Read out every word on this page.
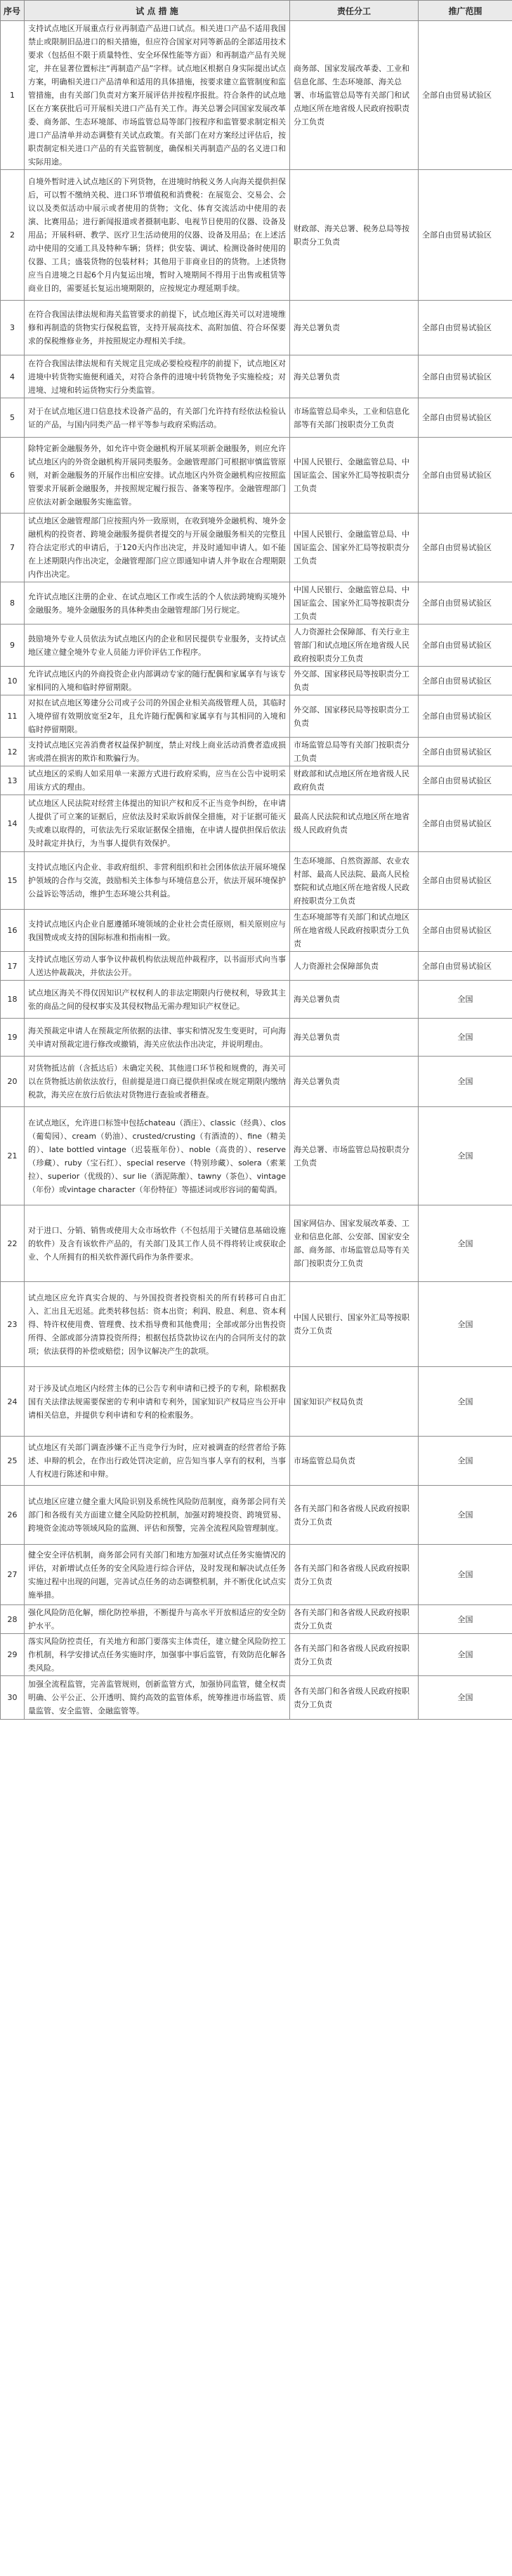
序号	试 点 措 施	责任分工	推广范围
1	支持试点地区开展重点行业再制造产品进口试点。相关进口产品不适用我国禁止或限制旧品进口的相关措施，但应符合国家对同等新品的全部适用技术要求（包括但不限于质量特性、安全环保性能等方面）和再制造产品有关规定，并在显著位置标注“再制造产品”字样。试点地区根据自身实际提出试点方案，明确相关进口产品清单和适用的具体措施，按要求建立监管制度和监管措施，由有关部门负责对方案开展评估并按程序报批。符合条件的试点地区在方案获批后可开展相关进口产品有关工作。海关总署会同国家发展改革委、商务部、生态环境部、市场监管总局等部门按程序和监管要求制定相关进口产品清单并动态调整有关试点政策。有关部门在对方案经过评估后，按职责制定相关进口产品的有关监管制度，确保相关再制造产品的名义进口和实际用途。	商务部、国家发展改革委、工业和信息化部、生态环境部、海关总署、市场监管总局等有关部门和试点地区所在地省级人民政府按职责分工负责	全部自由贸易试验区
2	自境外暂时进入试点地区的下列货物，在进境时纳税义务人向海关提供担保后，可以暂不缴纳关税、进口环节增值税和消费税：在展览会、交易会、会议以及类似活动中展示或者使用的货物；文化、体育交流活动中使用的表演、比赛用品；进行新闻报道或者摄制电影、电视节目使用的仪器、设备及用品；开展科研、教学、医疗卫生活动使用的仪器、设备及用品；在上述活动中使用的交通工具及特种车辆；货样；供安装、调试、检测设备时使用的仪器、工具；盛装货物的包装材料；其他用于非商业目的的货物。上述货物应当自进境之日起6个月内复运出境，暂时入境期间不得用于出售或租赁等商业目的，需要延长复运出境期限的，应按规定办理延期手续。	财政部、海关总署、税务总局等按职责分工负责	全部自由贸易试验区
3	在符合我国法律法规和海关监管要求的前提下，试点地区海关可以对进境维修和再制造的货物实行保税监管，支持开展高技术、高附加值、符合环保要求的保税维修业务，并按照规定办理相关手续。	海关总署负责	全部自由贸易试验区
4	在符合我国法律法规和有关规定且完成必要检疫程序的前提下，试点地区对进境中转货物实施便利通关，对符合条件的进境中转货物免予实施检疫；对进境、过境和转运货物实行分类监管。	海关总署负责	全部自由贸易试验区
5	对于在试点地区进口信息技术设备产品的，有关部门允许持有经依法检验认证的产品，与国内同类产品一样平等参与政府采购活动。	市场监管总局牵头，工业和信息化部等有关部门按职责分工负责	全部自由贸易试验区
6	除特定新金融服务外，如允许中资金融机构开展某项新金融服务，则应允许试点地区内的外资金融机构开展同类服务。金融管理部门可根据审慎监管原则，对新金融服务的开展作出相应安排。试点地区内外资金融机构应按照监管要求开展新金融服务，并按照规定履行报告、备案等程序。金融管理部门应依法对新金融服务实施监管。	中国人民银行、金融监管总局、中国证监会、国家外汇局等按职责分工负责	全部自由贸易试验区
7	试点地区金融管理部门应按照内外一致原则，在收到境外金融机构、境外金融机构的投资者、跨境金融服务提供者提交的与开展金融服务相关的完整且符合法定形式的申请后，于120天内作出决定，并及时通知申请人。如不能在上述期限内作出决定，金融管理部门应立即通知申请人并争取在合理期限内作出决定。	中国人民银行、金融监管总局、中国证监会、国家外汇局等按职责分工负责	全部自由贸易试验区
8	允许试点地区注册的企业、在试点地区工作或生活的个人依法跨境购买境外金融服务。境外金融服务的具体种类由金融管理部门另行规定。	中国人民银行、金融监管总局、中国证监会、国家外汇局等按职责分工负责	全部自由贸易试验区
9	鼓励境外专业人员依法为试点地区内的企业和居民提供专业服务，支持试点地区建立健全境外专业人员能力评价评估工作程序。	人力资源社会保障部、有关行业主管部门和试点地区所在地省级人民政府按职责分工负责	全部自由贸易试验区
10	允许试点地区内的外商投资企业内部调动专家的随行配偶和家属享有与该专家相同的入境和临时停留期限。	外交部、国家移民局等按职责分工负责	全部自由贸易试验区
11	对拟在试点地区筹建分公司或子公司的外国企业相关高级管理人员，其临时入境停留有效期放宽至2年，且允许随行配偶和家属享有与其相同的入境和临时停留期限。	外交部、国家移民局等按职责分工负责	全部自由贸易试验区
12	支持试点地区完善消费者权益保护制度，禁止对线上商业活动消费者造成损害或潜在损害的欺诈和欺骗行为。	市场监管总局等有关部门按职责分工负责	全部自由贸易试验区
13	试点地区的采购人如采用单一来源方式进行政府采购，应当在公告中说明采用该方式的理由。	财政部和试点地区所在地省级人民政府负责	全部自由贸易试验区
14	试点地区人民法院对经营主体提出的知识产权和反不正当竞争纠纷，在申请人提供了可立案的证据后，应依法及时采取诉前保全措施，对于证据可能灭失或难以取得的，可依法先行采取证据保全措施，在申请人提供担保后依法及时裁定并执行，为当事人提供有效保护。	最高人民法院和试点地区所在地省级人民政府负责	全部自由贸易试验区
15	支持试点地区内企业、非政府组织、非营利组织和社会团体依法开展环境保护领域的合作与交流，鼓励相关主体参与环境信息公开，依法开展环境保护公益诉讼等活动，维护生态环境公共利益。	生态环境部、自然资源部、农业农村部、最高人民法院、最高人民检察院和试点地区所在地省级人民政府按职责分工负责	全部自由贸易试验区
16	支持试点地区内企业自愿遵循环境领域的企业社会责任原则，相关原则应与我国赞成或支持的国际标准和指南相一致。	生态环境部等有关部门和试点地区所在地省级人民政府按职责分工负责	全部自由贸易试验区
17	支持试点地区劳动人事争议仲裁机构依法规范仲裁程序，以书面形式向当事人送达仲裁裁决，并依法公开。	人力资源社会保障部负责	全部自由贸易试验区
18	试点地区海关不得仅因知识产权权利人的非法定期限内行使权利，导致其主张的商品之间的侵权事实及其侵权物品无需办理知识产权登记。	海关总署负责	全国
19	海关预裁定申请人在预裁定所依据的法律、事实和情况发生变更时，可向海关申请对预裁定进行修改或撤销，海关应依法作出决定，并说明理由。	海关总署负责	全国
20	对货物抵达前（含抵达后）未确定关税、其他进口环节税和规费的，海关可以在货物抵达前依法放行，但前提是进口商已提供担保或在规定期限内缴纳税款，海关应在放行后依法对货物进行查验或者稽查。	海关总署负责	全国
21	在试点地区，允许进口标签中包括chateau（酒庄）、classic（经典）、clos（葡萄园）、cream（奶油）、crusted/crusting（有酒渣的）、fine（精美的）、late bottled vintage（迟装瓶年份）、noble（高贵的）、reserve（珍藏）、ruby（宝石红）、special reserve（特别珍藏）、solera（索莱拉）、superior（优级的）、sur lie（酒泥陈酿）、tawny（茶色）、vintage（年份）或vintage character（年份特征）等描述词或形容词的葡萄酒。	海关总署、市场监管总局按职责分工负责	全国
22	对于进口、分销、销售或使用大众市场软件（不包括用于关键信息基础设施的软件）及含有该软件产品的，有关部门及其工作人员不得将转让或获取企业、个人所拥有的相关软件源代码作为条件要求。	国家网信办、国家发展改革委、工业和信息化部、公安部、国家安全部、商务部、市场监管总局等有关部门按职责分工负责	全国
23	试点地区应允许真实合规的、与外国投资者投资相关的所有转移可自由汇入、汇出且无迟延。此类转移包括：资本出资；利润、股息、利息、资本利得、特许权使用费、管理费、技术指导费和其他费用；全部或部分出售投资所得、全部或部分清算投资所得；根据包括贷款协议在内的合同所支付的款项；依法获得的补偿或赔偿；因争议解决产生的款项。	中国人民银行、国家外汇局等按职责分工负责	全国
24	对于涉及试点地区内经营主体的已公告专利申请和已授予的专利，除根据我国有关法律法规需要保密的专利申请和专利外，国家知识产权局应当公开申请相关信息，并提供专利申请和专利的检索服务。	国家知识产权局负责	全国
25	试点地区有关部门调查涉嫌不正当竞争行为时，应对被调查的经营者给予陈述、申辩的机会，在作出行政处罚决定前，应告知当事人享有的权利，当事人有权进行陈述和申辩。	市场监管总局负责	全国
26	试点地区应建立健全重大风险识别及系统性风险防范制度，商务部会同有关部门和各级有关方面建立健全风险防控机制，加强对跨境投资、跨境贸易、跨境资金流动等领域风险的监测、评估和预警，完善全流程风险管理制度。	各有关部门和各省级人民政府按职责分工负责	全国
27	健全安全评估机制，商务部会同有关部门和地方加强对试点任务实施情况的评估，对新增试点任务的安全风险进行综合评估，及时发现和解决试点任务实施过程中出现的问题，完善试点任务的动态调整机制，并不断优化试点实施举措。	各有关部门和各省级人民政府按职责分工负责	全国
28	强化风险防范化解，细化防控举措，不断提升与高水平开放相适应的安全防护水平。	各有关部门和各省级人民政府按职责分工负责	全国
29	落实风险防控责任，有关地方和部门要落实主体责任，建立健全风险防控工作机制，科学安排试点任务实施时序，加强事中事后监管，有效防范化解各类风险。	各有关部门和各省级人民政府按职责分工负责	全国
30	加强全流程监管，完善监管规则，创新监管方式，加强协同监管，健全权责明确、公平公正、公开透明、简约高效的监管体系，统筹推进市场监管、质量监管、安全监管、金融监管等。	各有关部门和各省级人民政府按职责分工负责	全国
